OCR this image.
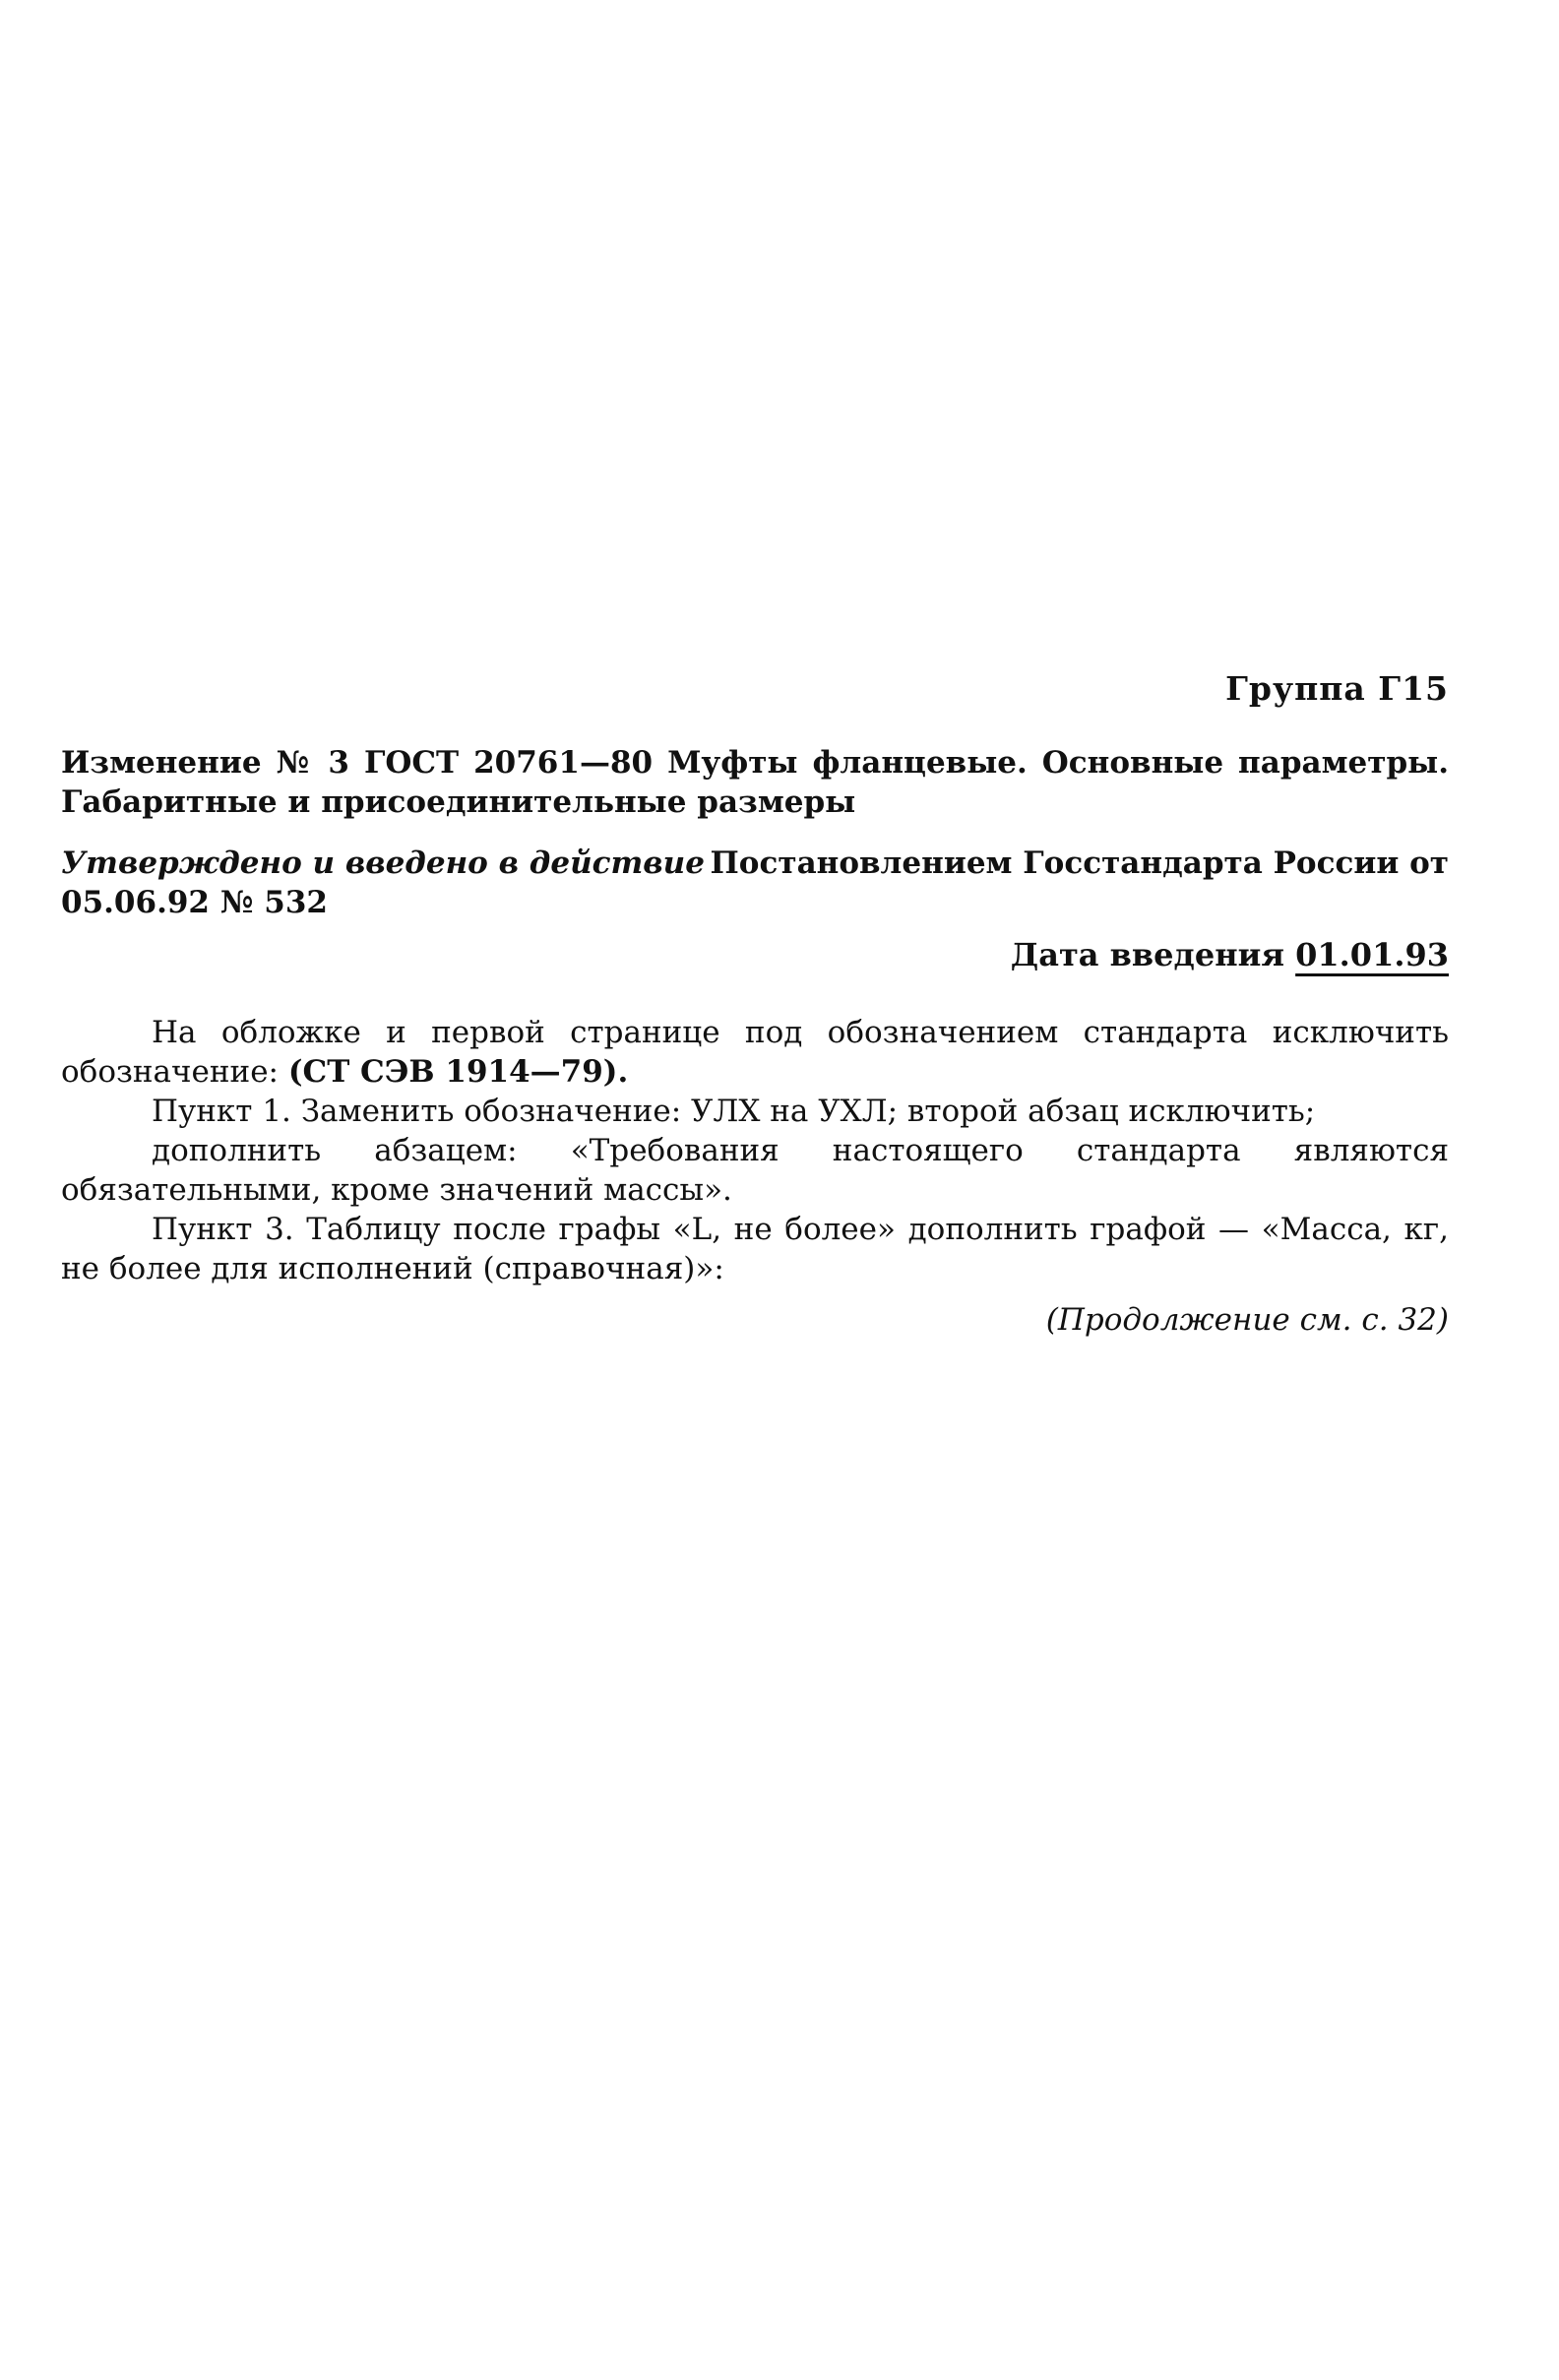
Группа Г15
Изменение № 3 ГОСТ 20761—80 Муфты фланцевые. Основные параметры. Габаритные и присоединительные размеры
Утверждено и введено в действие Постановлением Госстандарта России от
05.06.92 № 532
Дата введения 01.01.93

На обложке и первой странице под обозначением стандарта исключить обозначение: (СТ СЭВ 1914—79).

Пункт 1. Заменить обозначение: УЛХ на УХЛ; второй абзац исключить;

дополнить абзацем: «Требования настоящего стандарта являются обязательными, кроме значений массы».

Пункт 3. Таблицу после графы «L, не более» дополнить графой — «Масса, кг, не более для исполнений (справочная)»:

(Продолжение см. с. 32)
